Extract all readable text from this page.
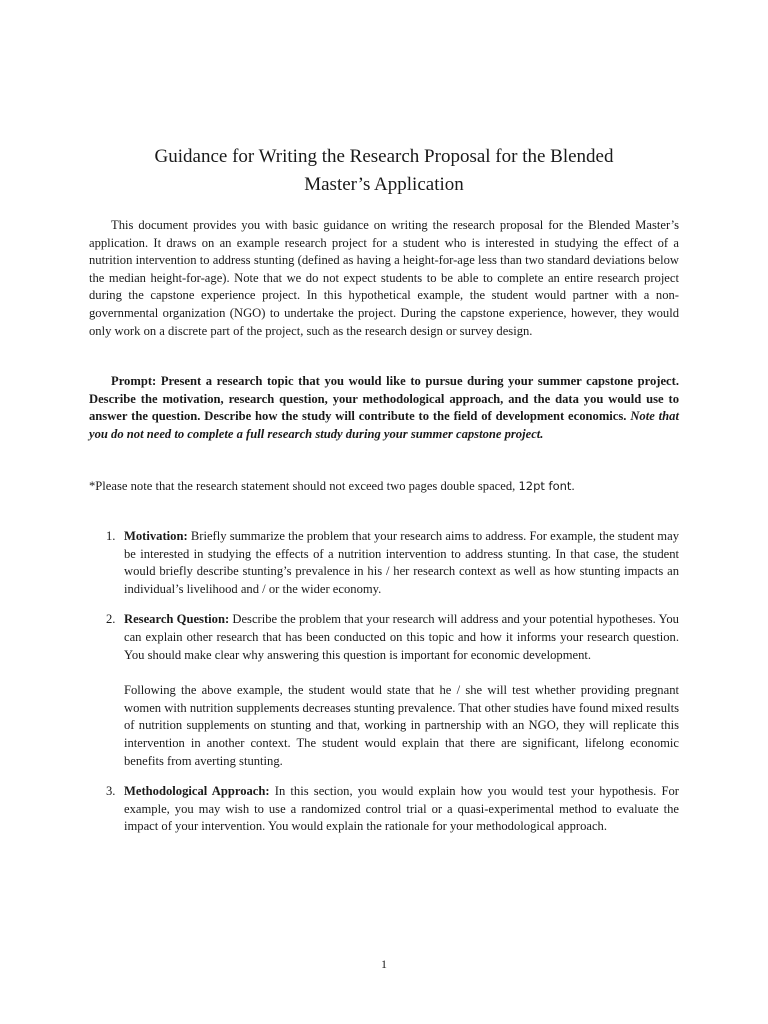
Guidance for Writing the Research Proposal for the Blended
Master’s Application

This document provides you with basic guidance on writing the research proposal for the Blended Master’s application. It draws on an example research project for a student who is interested in studying the effect of a nutrition intervention to address stunting (defined as having a height-for-age less than two standard deviations below the median height-for-age). Note that we do not expect students to be able to complete an entire research project during the capstone experience project. In this hypothetical example, the student would partner with a non-governmental organization (NGO) to undertake the project. During the capstone experience, however, they would only work on a discrete part of the project, such as the research design or survey design.

Prompt: Present a research topic that you would like to pursue during your summer capstone project. Describe the motivation, research question, your methodological approach, and the data you would use to answer the question. Describe how the study will contribute to the field of development economics. Note that you do not need to complete a full research study during your summer capstone project.

*Please note that the research statement should not exceed two pages double spaced, 12pt font.

1. Motivation: Briefly summarize the problem that your research aims to address. For example, the student may be interested in studying the effects of a nutrition intervention to address stunting. In that case, the student would briefly describe stunting’s prevalence in his / her research context as well as how stunting impacts an individual’s livelihood and / or the wider economy.

2. Research Question: Describe the problem that your research will address and your potential hypotheses. You can explain other research that has been conducted on this topic and how it informs your research question. You should make clear why answering this question is important for economic development.

Following the above example, the student would state that he / she will test whether providing pregnant women with nutrition supplements decreases stunting prevalence. That other studies have found mixed results of nutrition supplements on stunting and that, working in partnership with an NGO, they will replicate this intervention in another context. The student would explain that there are significant, lifelong economic benefits from averting stunting.

3. Methodological Approach: In this section, you would explain how you would test your hypothesis. For example, you may wish to use a randomized control trial or a quasi-experimental method to evaluate the impact of your intervention. You would explain the rationale for your methodological approach.

1
